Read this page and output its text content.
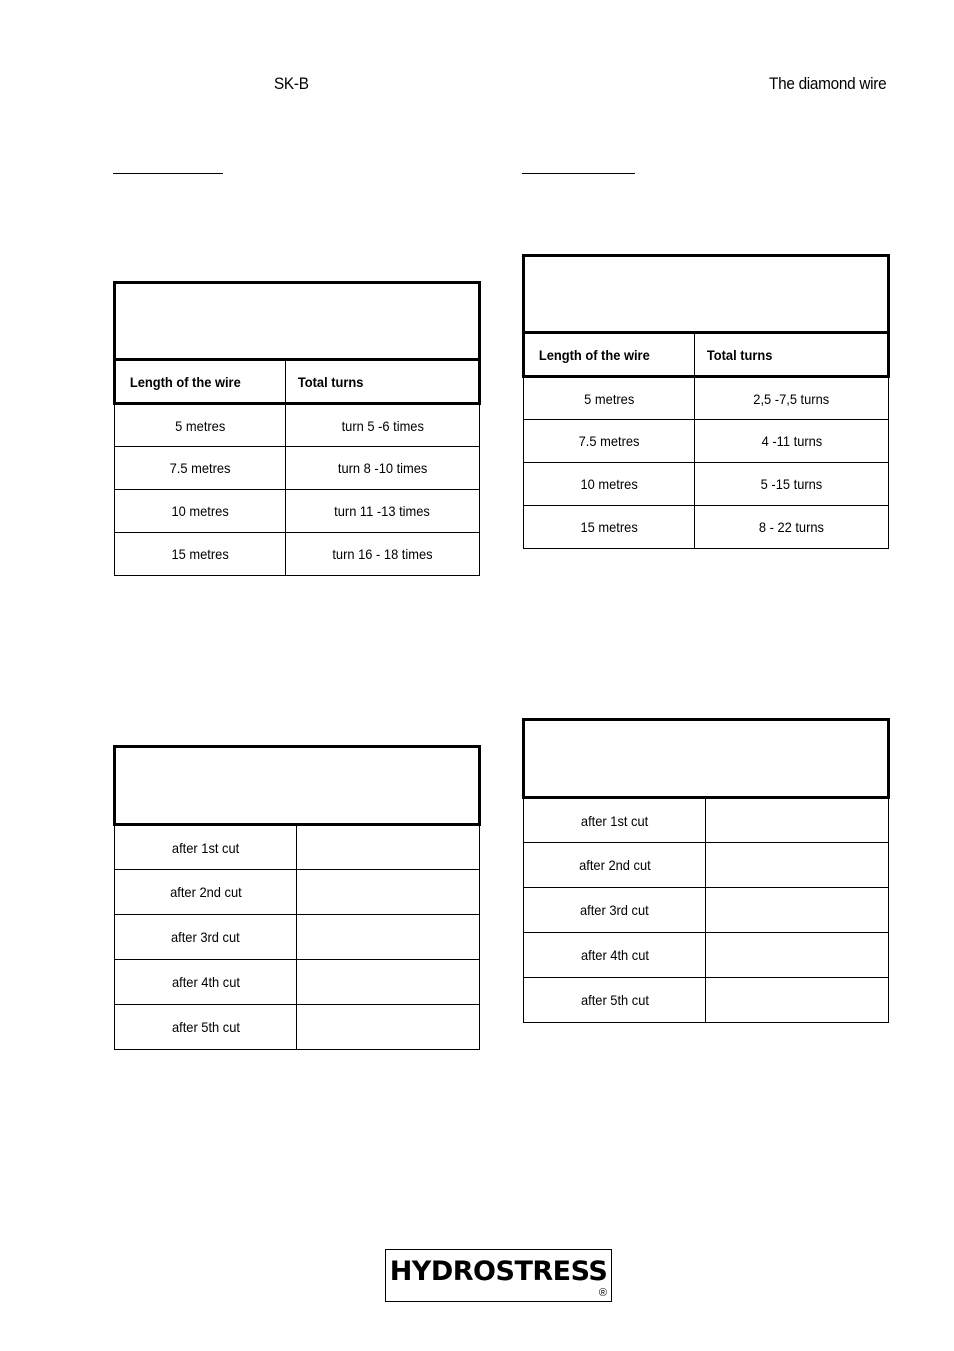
SK-B	The diamond wire

Length of the wire	Total turns
5 metres	turn 5 -6 times
7.5 metres	turn 8 -10 times
10 metres	turn 11 -13 times
15 metres	turn 16 - 18 times

Length of the wire	Total turns
5 metres	2,5 -7,5 turns
7.5 metres	4 -11 turns
10 metres	5 -15 turns
15 metres	8 - 22 turns

after 1st cut	
after 2nd cut	
after 3rd cut	
after 4th cut	
after 5th cut	

after 1st cut	
after 2nd cut	
after 3rd cut	
after 4th cut	
after 5th cut	
HYDROSTRESS
®
